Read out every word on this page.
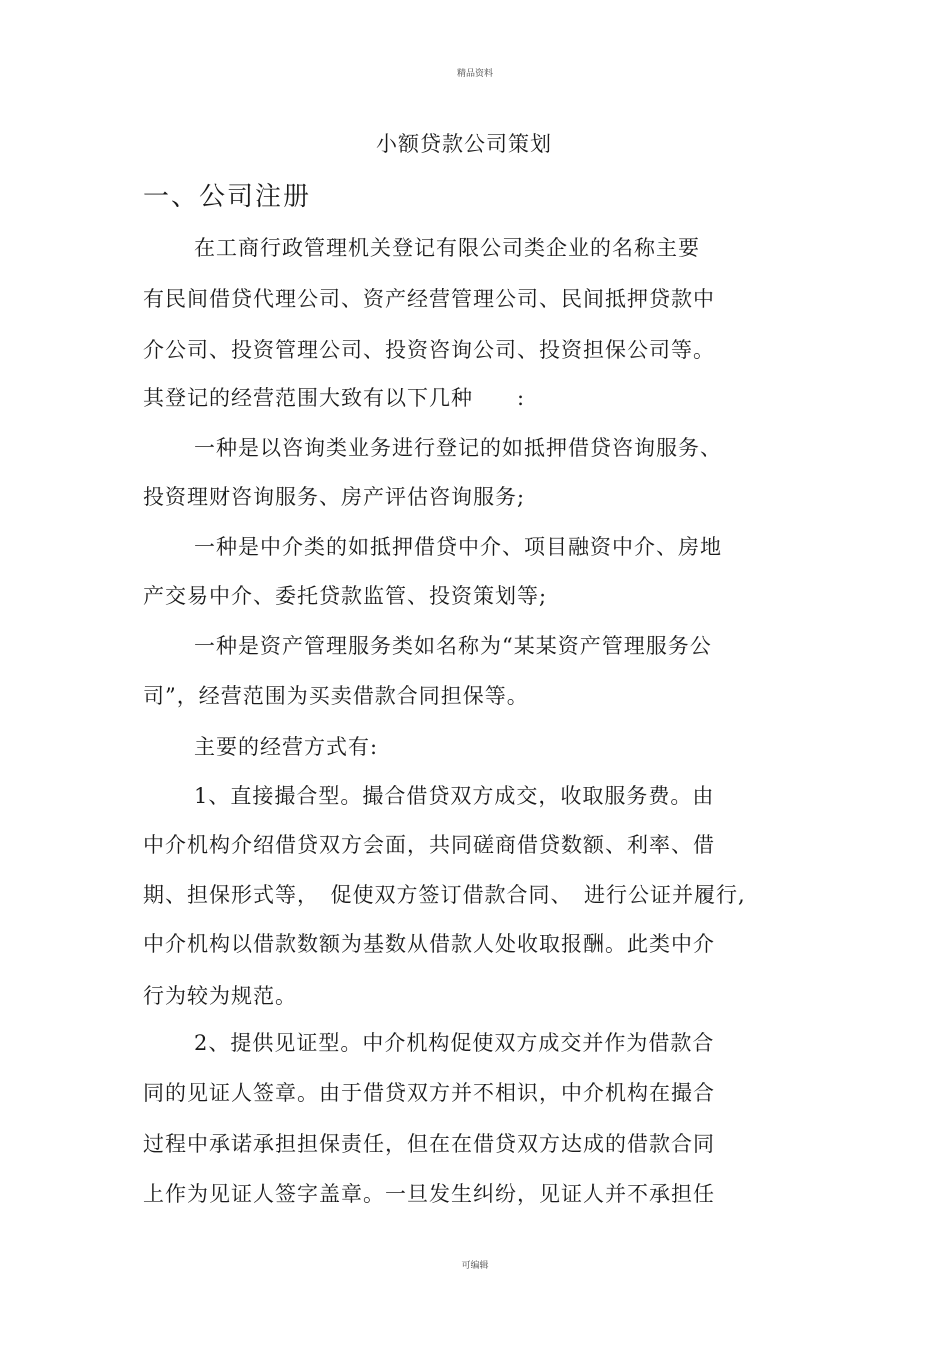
精品资料
小额贷款公司策划
一、公司注册
在工商行政管理机关登记有限公司类企业的名称主要
有民间借贷代理公司、资产经营管理公司、民间抵押贷款中
介公司、投资管理公司、投资咨询公司、投资担保公司等。
其登记的经营范围大致有以下几种　　:
一种是以咨询类业务进行登记的如抵押借贷咨询服务、
投资理财咨询服务、房产评估咨询服务;
一种是中介类的如抵押借贷中介、项目融资中介、房地
产交易中介、委托贷款监管、投资策划等;
一种是资产管理服务类如名称为“某某资产管理服务公
司”，经营范围为买卖借款合同担保等。
主要的经营方式有:
1、直接撮合型。撮合借贷双方成交，收取服务费。由
中介机构介绍借贷双方会面，共同磋商借贷数额、利率、借
期、担保形式等，　促使双方签订借款合同、　进行公证并履行,
中介机构以借款数额为基数从借款人处收取报酬。此类中介
行为较为规范。
2、提供见证型。中介机构促使双方成交并作为借款合
同的见证人签章。由于借贷双方并不相识，中介机构在撮合
过程中承诺承担担保责任，但在在借贷双方达成的借款合同
上作为见证人签字盖章。一旦发生纠纷，见证人并不承担任
可编辑
